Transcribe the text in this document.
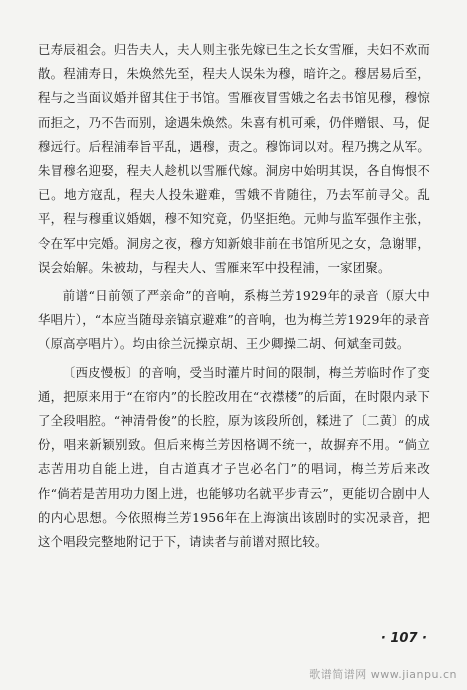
已寿辰祖会。归告夫人，夫人则主张先嫁已生之长女雪雁，夫妇不欢而散。程浦寿日，朱焕然先至，程夫人误朱为穆，暗许之。穆居易后至，程与之当面议婚并留其住于书馆。雪雁夜冒雪娥之名去书馆见穆，穆惊而拒之，乃不告而别，途遇朱焕然。朱喜有机可乘，仍伴赠银、马，促穆远行。后程浦奉旨平乱，遇穆，责之。穆饰词以对。程乃携之从军。朱冒穆名迎娶，程夫人趁机以雪雁代嫁。洞房中始明其误，各自悔恨不已。地方寇乱，程夫人投朱避难，雪娥不肯随往，乃去军前寻父。乱平，程与穆重议婚姻，穆不知究竟，仍坚拒绝。元帅与监军强作主张，令在军中完婚。洞房之夜，穆方知新娘非前在书馆所见之女，急谢罪，误会始解。朱被劫，与程夫人、雪雁来军中投程浦，一家团聚。

前谱“日前领了严亲命”的音响，系梅兰芳1929年的录音（原大中华唱片），“本应当随母亲镐京避难”的音响，也为梅兰芳1929年的录音（原高亭唱片）。均由徐兰沅操京胡、王少卿操二胡、何斌奎司鼓。

〔西皮慢板〕的音响，受当时灌片时间的限制，梅兰芳临时作了变通，把原来用于“在帘内”的长腔改用在“衣襟楼”的后面，在时限内录下了全段唱腔。“神清骨俊”的长腔，原为该段所创，糅进了〔二黄〕的成份，唱来新颖别致。但后来梅兰芳因格调不统一，故摒弃不用。“倘立志苦用功自能上进，自古道真才子岂必名门”的唱词，梅兰芳后来改作“倘若是苦用功力图上进，也能够功名就平步青云”，更能切合剧中人的内心思想。今依照梅兰芳1956年在上海演出该剧时的实况录音，把这个唱段完整地附记于下，请读者与前谱对照比较。

· 107 ·
歌谱简谱网 www.jianpu.cn
